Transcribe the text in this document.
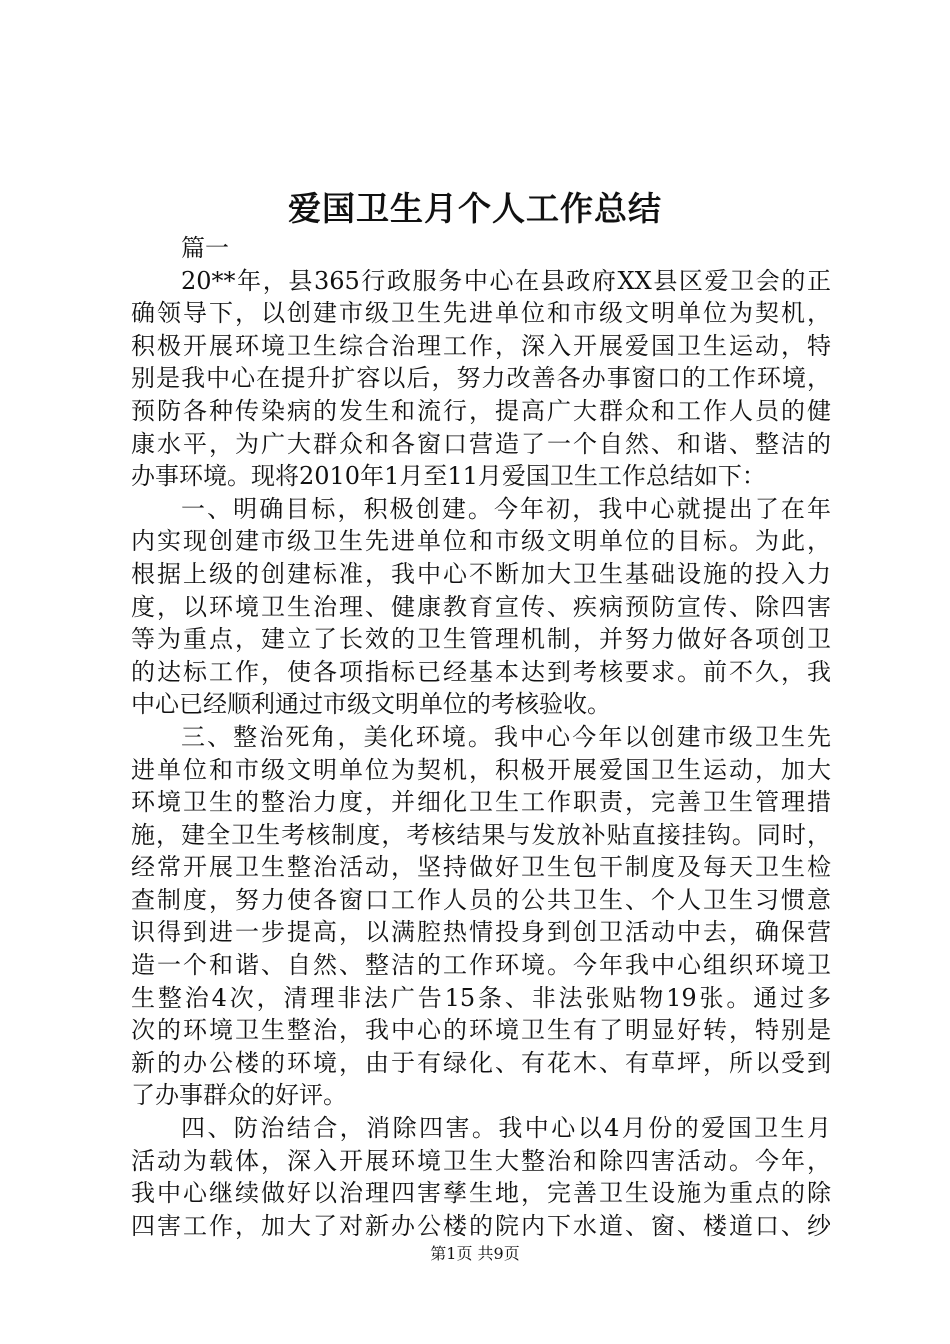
爱国卫生月个人工作总结
篇一
20**年，县365行政服务中心在县政府XX县区爱卫会的正
确领导下，以创建市级卫生先进单位和市级文明单位为契机，
积极开展环境卫生综合治理工作，深入开展爱国卫生运动，特
别是我中心在提升扩容以后，努力改善各办事窗口的工作环境，
预防各种传染病的发生和流行，提高广大群众和工作人员的健
康水平，为广大群众和各窗口营造了一个自然、和谐、整洁的
办事环境。现将2010年1月至11月爱国卫生工作总结如下：
一、明确目标，积极创建。今年初，我中心就提出了在年
内实现创建市级卫生先进单位和市级文明单位的目标。为此，
根据上级的创建标准，我中心不断加大卫生基础设施的投入力
度，以环境卫生治理、健康教育宣传、疾病预防宣传、除四害
等为重点，建立了长效的卫生管理机制，并努力做好各项创卫
的达标工作，使各项指标已经基本达到考核要求。前不久，我
中心已经顺利通过市级文明单位的考核验收。
三、整治死角，美化环境。我中心今年以创建市级卫生先
进单位和市级文明单位为契机，积极开展爱国卫生运动，加大
环境卫生的整治力度，并细化卫生工作职责，完善卫生管理措
施，建全卫生考核制度，考核结果与发放补贴直接挂钩。同时，
经常开展卫生整治活动，坚持做好卫生包干制度及每天卫生检
查制度，努力使各窗口工作人员的公共卫生、个人卫生习惯意
识得到进一步提高，以满腔热情投身到创卫活动中去，确保营
造一个和谐、自然、整洁的工作环境。今年我中心组织环境卫
生整治4次，清理非法广告15条、非法张贴物19张。通过多
次的环境卫生整治，我中心的环境卫生有了明显好转，特别是
新的办公楼的环境，由于有绿化、有花木、有草坪，所以受到
了办事群众的好评。
四、防治结合，消除四害。我中心以4月份的爱国卫生月
活动为载体，深入开展环境卫生大整治和除四害活动。今年，
我中心继续做好以治理四害孳生地，完善卫生设施为重点的除
四害工作，加大了对新办公楼的院内下水道、窗、楼道口、纱
第1页 共9页
